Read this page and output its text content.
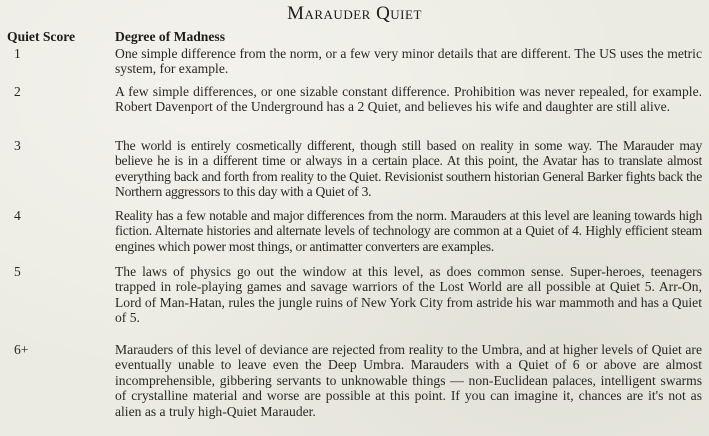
Marauder Quiet
Quiet Score	Degree of Madness
1	One simple difference from the norm, or a few very minor details that are different. The US uses the metric system, for example.
2	A few simple differences, or one sizable constant difference. Prohibition was never repealed, for example. Robert Davenport of the Underground has a 2 Quiet, and believes his wife and daughter are still alive.
3	The world is entirely cosmetically different, though still based on reality in some way. The Marauder may believe he is in a different time or always in a certain place. At this point, the Avatar has to translate almost everything back and forth from reality to the Quiet. Revisionist southern historian General Barker fights back the Northern aggressors to this day with a Quiet of 3.
4	Reality has a few notable and major differences from the norm. Marauders at this level are leaning towards high fiction. Alternate histories and alternate levels of technology are common at a Quiet of 4. Highly efficient steam engines which power most things, or antimatter converters are examples.
5	The laws of physics go out the window at this level, as does common sense. Super-heroes, teenagers trapped in role-playing games and savage warriors of the Lost World are all possible at Quiet 5. Arr-On, Lord of Man-Hatan, rules the jungle ruins of New York City from astride his war mammoth and has a Quiet of 5.
6+	Marauders of this level of deviance are rejected from reality to the Umbra, and at higher levels of Quiet are eventually unable to leave even the Deep Umbra. Marauders with a Quiet of 6 or above are almost incomprehensible, gibbering servants to unknowable things — non-Euclidean palaces, intelligent swarms of crystalline material and worse are possible at this point. If you can imagine it, chances are it's not as alien as a truly high-Quiet Marauder.
